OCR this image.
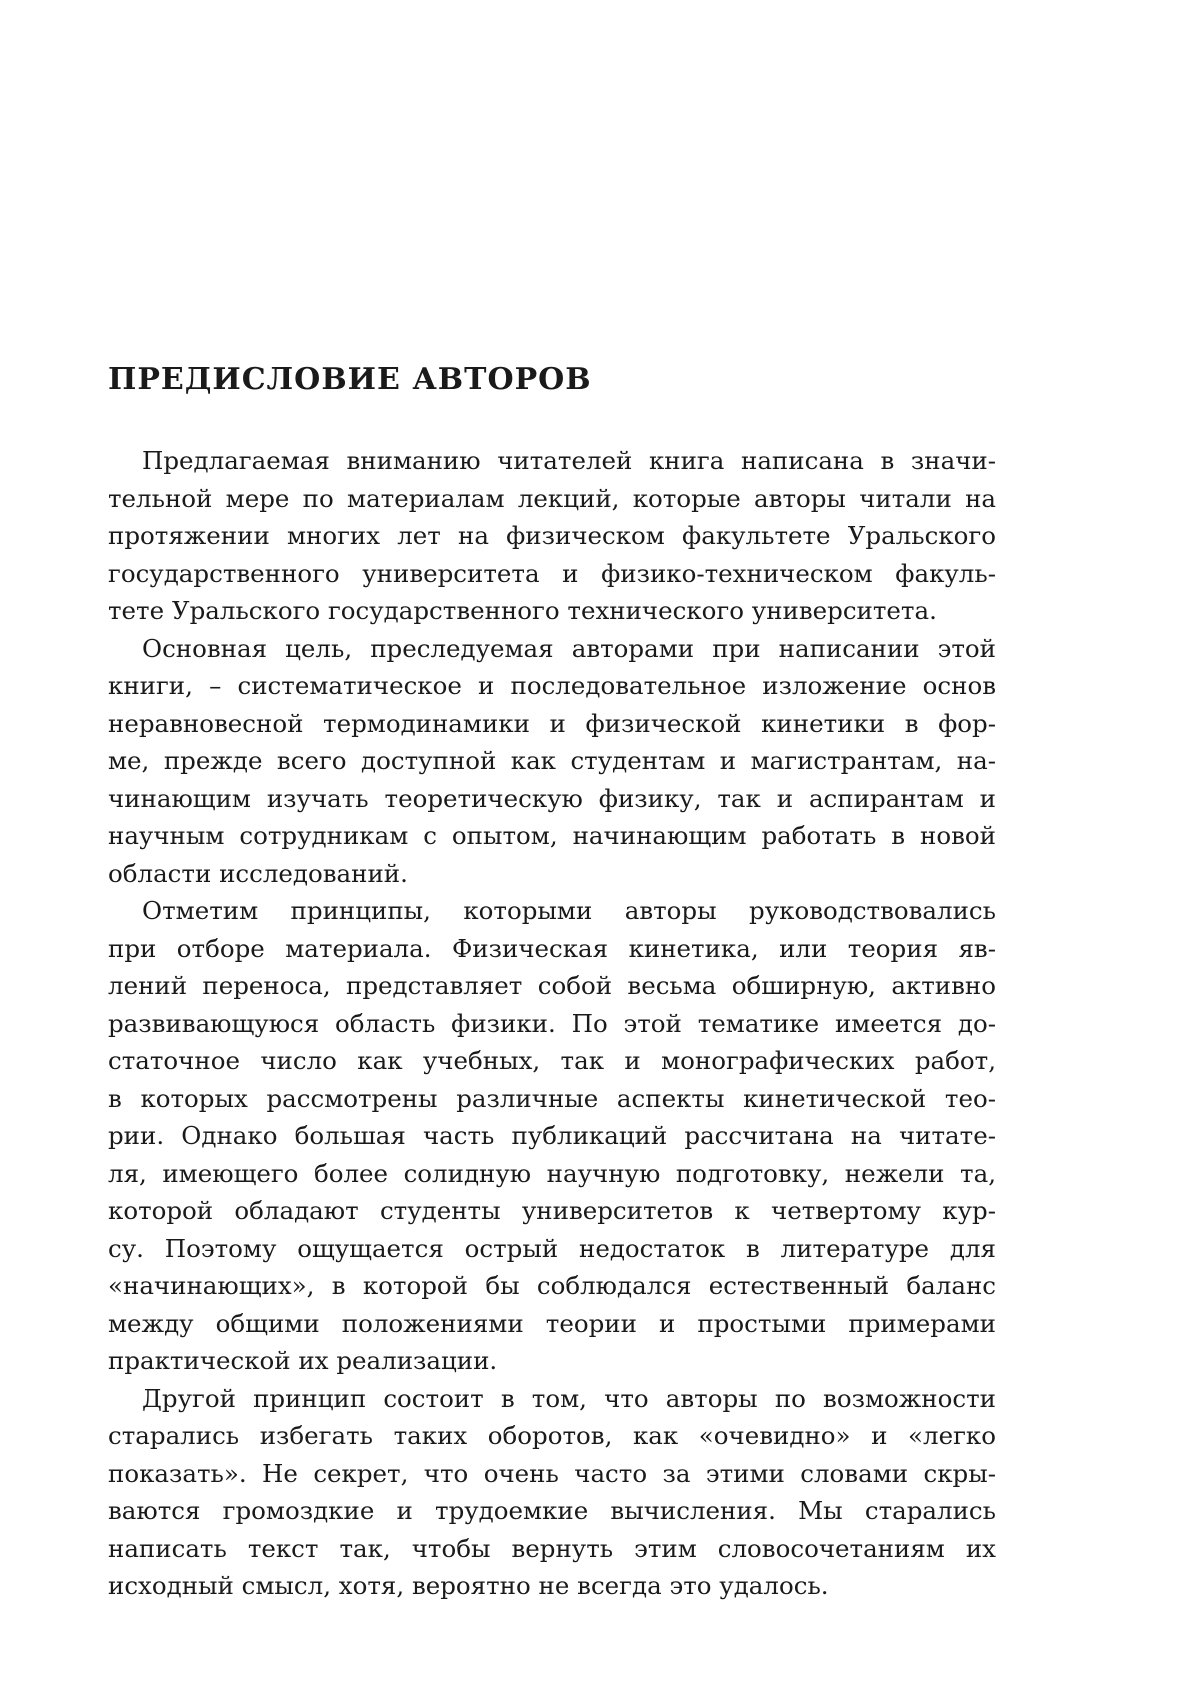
ПРЕДИСЛОВИЕ АВТОРОВ
Предлагаемая вниманию читателей книга написана в значи-
тельной мере по материалам лекций, которые авторы читали на
протяжении многих лет на физическом факультете Уральского
государственного университета и физико-техническом факуль-
тете Уральского государственного технического университета.
Основная цель, преследуемая авторами при написании этой
книги, – систематическое и последовательное изложение основ
неравновесной термодинамики и физической кинетики в фор-
ме, прежде всего доступной как студентам и магистрантам, на-
чинающим изучать теоретическую физику, так и аспирантам и
научным сотрудникам с опытом, начинающим работать в новой
области исследований.
Отметим принципы, которыми авторы руководствовались
при отборе материала. Физическая кинетика, или теория яв-
лений переноса, представляет собой весьма обширную, активно
развивающуюся область физики. По этой тематике имеется до-
статочное число как учебных, так и монографических работ,
в которых рассмотрены различные аспекты кинетической тео-
рии. Однако большая часть публикаций рассчитана на читате-
ля, имеющего более солидную научную подготовку, нежели та,
которой обладают студенты университетов к четвертому кур-
су. Поэтому ощущается острый недостаток в литературе для
«начинающих», в которой бы соблюдался естественный баланс
между общими положениями теории и простыми примерами
практической их реализации.
Другой принцип состоит в том, что авторы по возможности
старались избегать таких оборотов, как «очевидно» и «легко
показать». Не секрет, что очень часто за этими словами скры-
ваются громоздкие и трудоемкие вычисления. Мы старались
написать текст так, чтобы вернуть этим словосочетаниям их
исходный смысл, хотя, вероятно не всегда это удалось.
